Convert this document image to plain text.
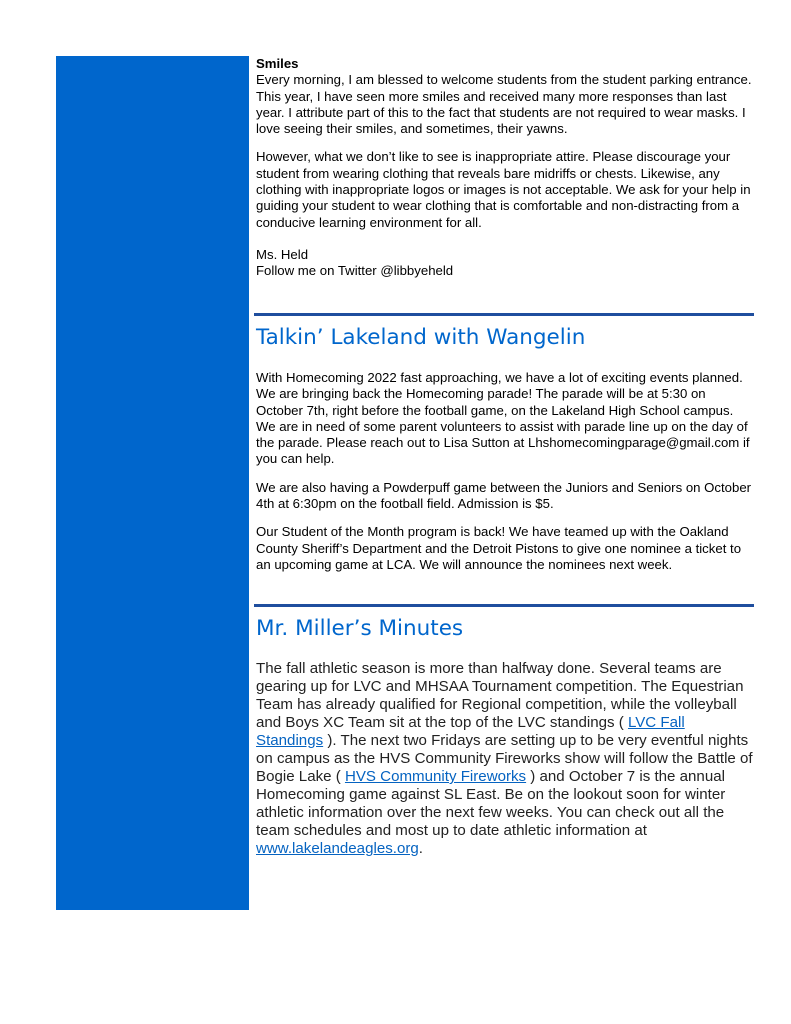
Smiles

Every morning, I am blessed to welcome students from the student parking entrance. This year, I have seen more smiles and received many more responses than last year. I attribute part of this to the fact that students are not required to wear masks. I love seeing their smiles, and sometimes, their yawns.

However, what we don’t like to see is inappropriate attire. Please discourage your student from wearing clothing that reveals bare midriffs or chests. Likewise, any clothing with inappropriate logos or images is not acceptable. We ask for your help in guiding your student to wear clothing that is comfortable and non-distracting from a conducive learning environment for all.

Ms. Held

Follow me on Twitter @libbyeheld

Talkin’ Lakeland with Wangelin

With Homecoming 2022 fast approaching, we have a lot of exciting events planned. We are bringing back the Homecoming parade! The parade will be at 5:30 on October 7th, right before the football game, on the Lakeland High School campus. We are in need of some parent volunteers to assist with parade line up on the day of the parade. Please reach out to Lisa Sutton at Lhshomecomingparage@gmail.com if you can help.

We are also having a Powderpuff game between the Juniors and Seniors on October 4th at 6:30pm on the football field. Admission is $5.

Our Student of the Month program is back! We have teamed up with the Oakland County Sheriff’s Department and the Detroit Pistons to give one nominee a ticket to an upcoming game at LCA. We will announce the nominees next week.

Mr. Miller’s Minutes

The fall athletic season is more than halfway done. Several teams are gearing up for LVC and MHSAA Tournament competition. The Equestrian Team has already qualified for Regional competition, while the volleyball and Boys XC Team sit at the top of the LVC standings ( LVC Fall Standings ). The next two Fridays are setting up to be very eventful nights on campus as the HVS Community Fireworks show will follow the Battle of Bogie Lake ( HVS Community Fireworks ) and October 7 is the annual Homecoming game against SL East. Be on the lookout soon for winter athletic information over the next few weeks. You can check out all the team schedules and most up to date athletic information at www.lakelandeagles.org.
